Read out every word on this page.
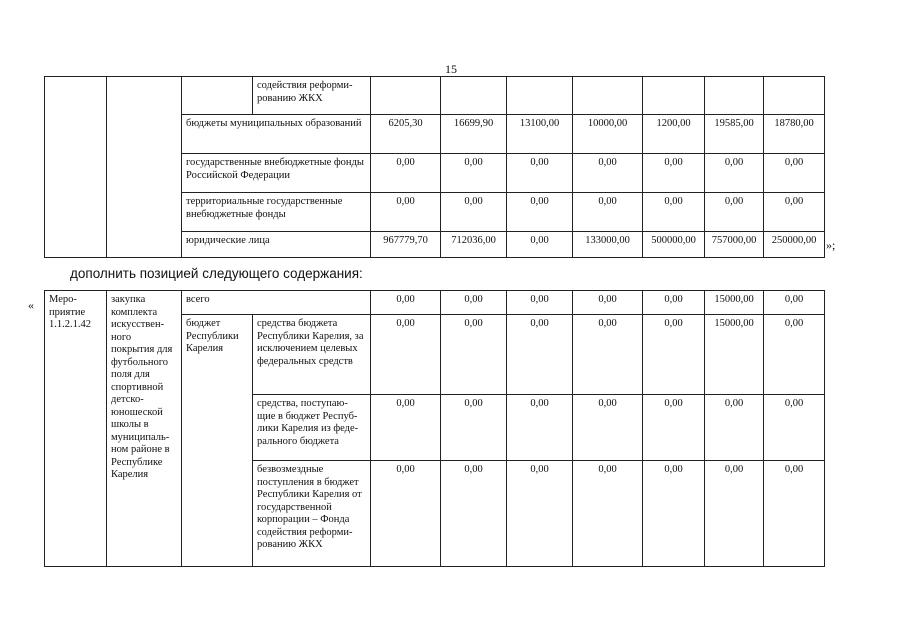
15
			содействия реформи-рованию ЖКХ							
		бюджеты муниципальных образований		6205,30	16699,90	13100,00	10000,00	1200,00	19585,00	18780,00
		государственные внебюджетные фонды Российской Федерации		0,00	0,00	0,00	0,00	0,00	0,00	0,00
		территориальные государственные внебюджетные фонды		0,00	0,00	0,00	0,00	0,00	0,00	0,00
		юридические лица		967779,70	712036,00	0,00	133000,00	500000,00	757000,00	250000,00 »;
дополнить позицией следующего содержания:
« Меро-приятие 1.1.2.1.42	закупка комплекта искусствен-ного покрытия для футбольного поля для спортивной детско-юношеской школы в муниципаль-ном районе в Республике Карелия	всего		0,00	0,00	0,00	0,00	0,00	15000,00	0,00
		бюджет Республики Карелия	средства бюджета Республики Карелия, за исключением целевых федеральных средств	0,00	0,00	0,00	0,00	0,00	15000,00	0,00
			средства, поступаю-щие в бюджет Респуб-лики Карелия из феде-рального бюджета	0,00	0,00	0,00	0,00	0,00	0,00	0,00
			безвозмездные поступления в бюджет Республики Карелия от государственной корпорации – Фонда содействия реформи-рованию ЖКХ	0,00	0,00	0,00	0,00	0,00	0,00	0,00
